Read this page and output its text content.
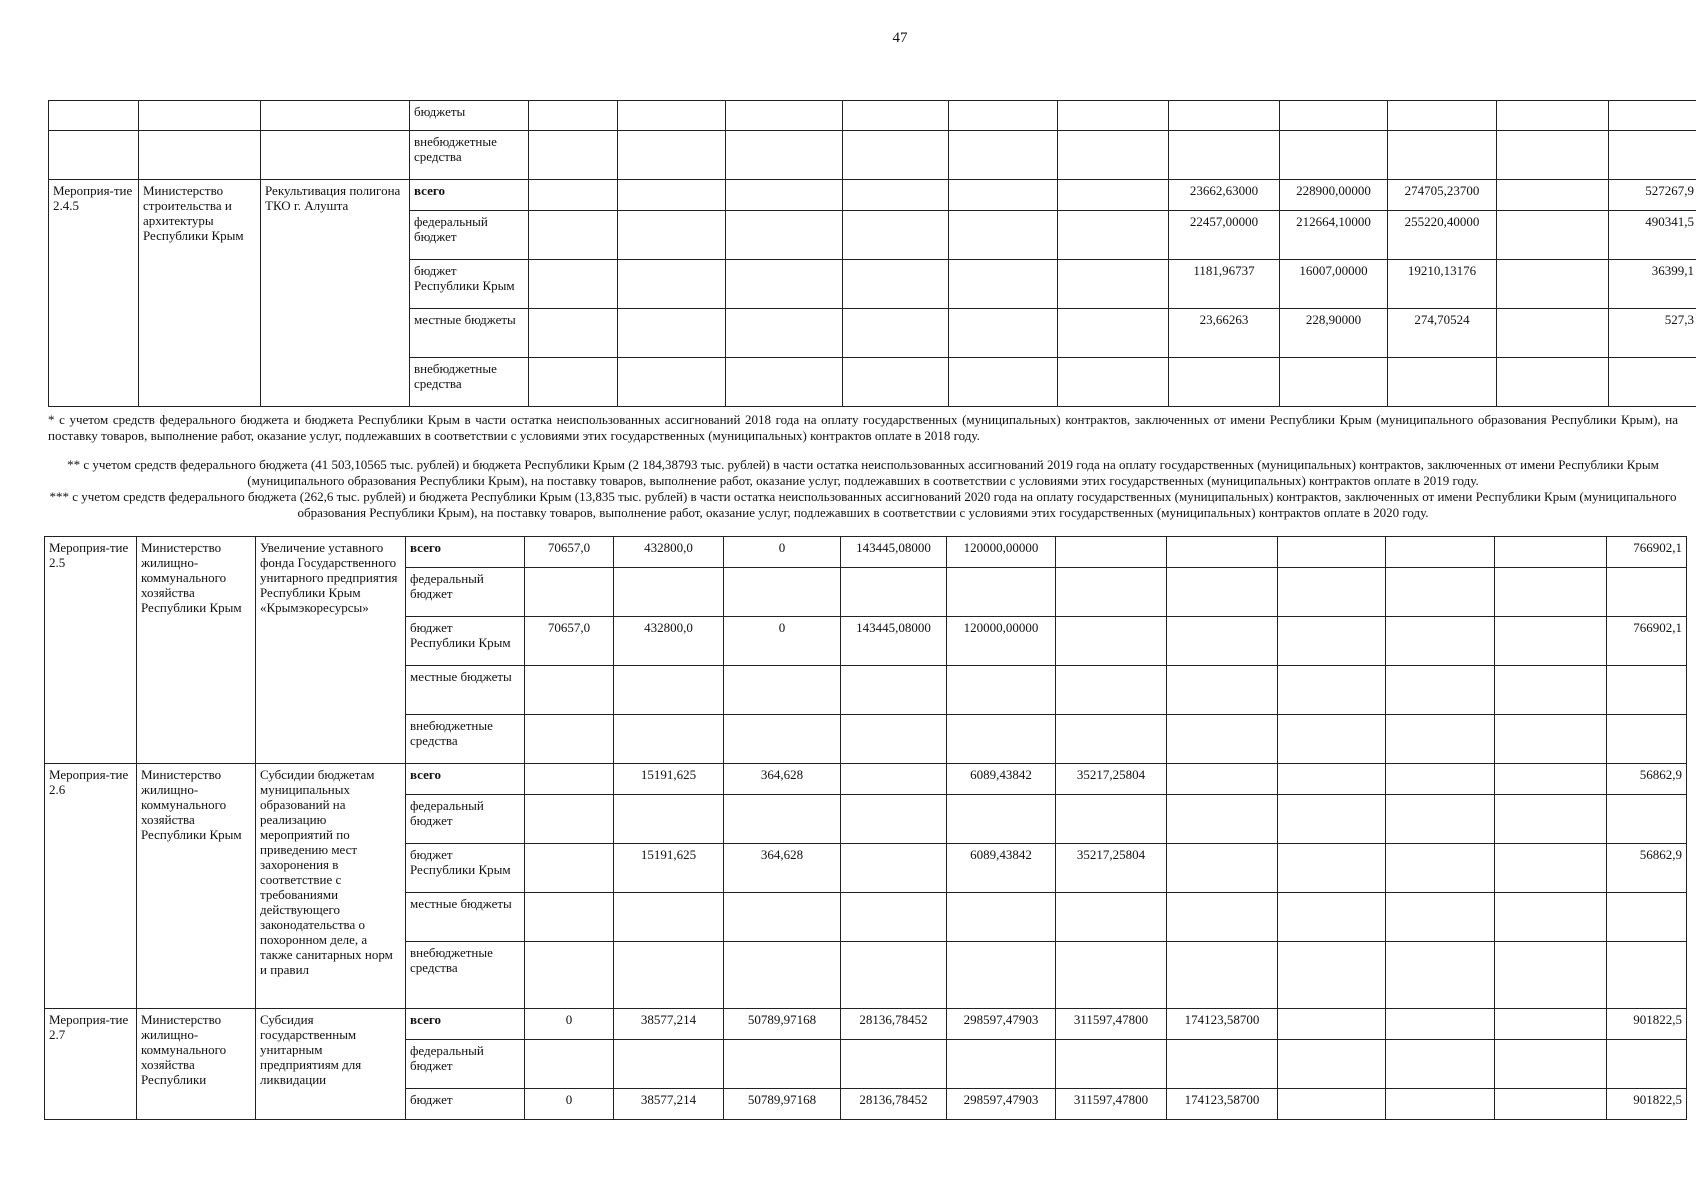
47
			бюджеты											
			внебюджетные средства											
Мероприя-тие 2.4.5	Министерство строительства и архитектуры Республики Крым	Рекультивация полигона ТКО г. Алушта	всего							23662,63000	228900,00000	274705,23700		527267,9
			федеральный бюджет							22457,00000	212664,10000	255220,40000		490341,5
			бюджет Республики Крым							1181,96737	16007,00000	19210,13176		36399,1
			местные бюджеты							23,66263	228,90000	274,70524		527,3
			внебюджетные средства											

* с учетом средств федерального бюджета и бюджета Республики Крым в части остатка неиспользованных ассигнований 2018 года на оплату государственных (муниципальных) контрактов, заключенных от имени Республики Крым (муниципального образования Республики Крым), на поставку товаров, выполнение работ, оказание услуг, подлежавших в соответствии с условиями этих государственных (муниципальных) контрактов оплате в 2018 году.

** с учетом средств федерального бюджета (41 503,10565 тыс. рублей) и бюджета Республики Крым (2 184,38793 тыс. рублей) в части остатка неиспользованных ассигнований 2019 года на оплату государственных (муниципальных) контрактов, заключенных от имени Республики Крым (муниципального образования Республики Крым), на поставку товаров, выполнение работ, оказание услуг, подлежавших в соответствии с условиями этих государственных (муниципальных) контрактов оплате в 2019 году.

*** с учетом средств федерального бюджета (262,6 тыс. рублей) и бюджета Республики Крым (13,835 тыс. рублей) в части остатка неиспользованных ассигнований 2020 года на оплату государственных (муниципальных) контрактов, заключенных от имени Республики Крым (муниципального образования Республики Крым), на поставку товаров, выполнение работ, оказание услуг, подлежавших в соответствии с условиями этих государственных (муниципальных) контрактов оплате в 2020 году.

Мероприя-тие 2.5	Министерство жилищно-коммунального хозяйства Республики Крым	Увеличение уставного фонда Государственного унитарного предприятия Республики Крым «Крымэкоресурсы»	всего	70657,0	432800,0	0	143445,08000	120000,00000						766902,1
			федеральный бюджет											
			бюджет Республики Крым	70657,0	432800,0	0	143445,08000	120000,00000						766902,1
			местные бюджеты											
			внебюджетные средства											
Мероприя-тие 2.6	Министерство жилищно-коммунального хозяйства Республики Крым	Субсидии бюджетам муниципальных образований на реализацию мероприятий по приведению мест захоронения в соответствие с требованиями действующего законодательства о похоронном деле, а также санитарных норм и правил	всего		15191,625	364,628		6089,43842	35217,25804					56862,9
			федеральный бюджет											
			бюджет Республики Крым		15191,625	364,628		6089,43842	35217,25804					56862,9
			местные бюджеты											
			внебюджетные средства											
Мероприя-тие 2.7	Министерство жилищно-коммунального хозяйства Республики	Субсидия государственным унитарным предприятиям для ликвидации	всего	0	38577,214	50789,97168	28136,78452	298597,47903	311597,47800	174123,58700				901822,5
			федеральный бюджет											
			бюджет	0	38577,214	50789,97168	28136,78452	298597,47903	311597,47800	174123,58700				901822,5
